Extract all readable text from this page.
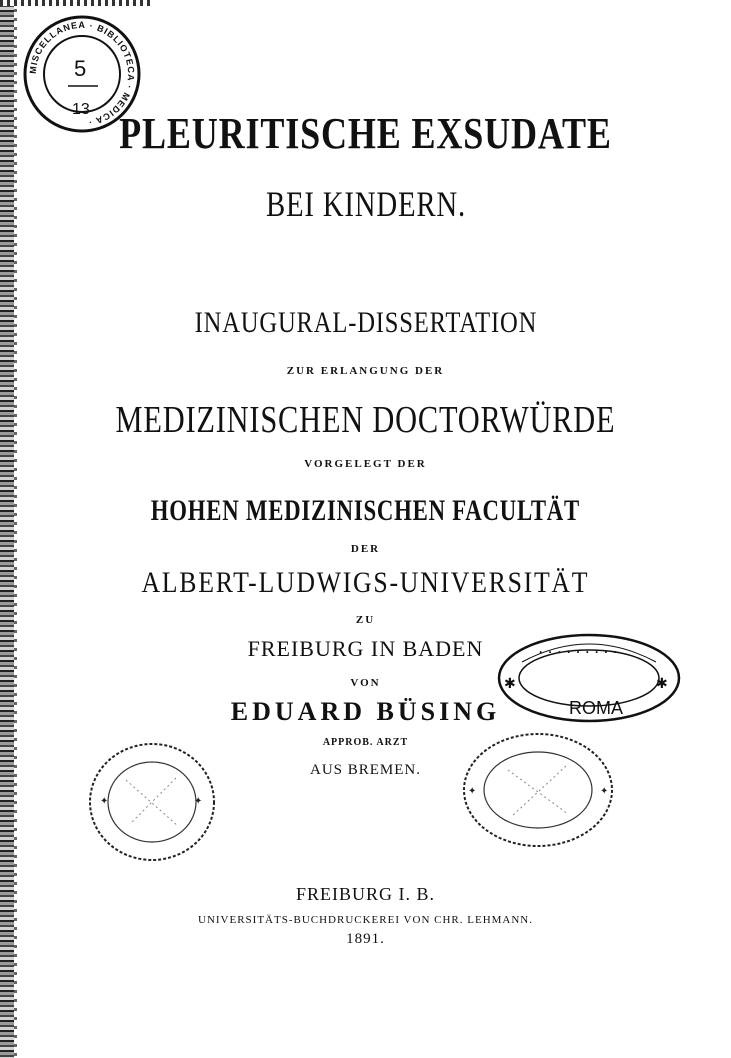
MISCELLANEA · BIBLIOTECA · MEDICA ·
5
13
· · · · · · · · ·
ROMA
✱	✱
✦	✦
✦	✦
PLEURITISCHE EXSUDATE
BEI KINDERN.
INAUGURAL-DISSERTATION
ZUR ERLANGUNG DER
MEDIZINISCHEN DOCTORWÜRDE
VORGELEGT DER
HOHEN MEDIZINISCHEN FACULTÄT
DER
ALBERT-LUDWIGS-UNIVERSITÄT
ZU
FREIBURG IN BADEN
VON
EDUARD BÜSING
APPROB. ARZT
AUS BREMEN.
FREIBURG I. B.
UNIVERSITÄTS-BUCHDRUCKEREI VON CHR. LEHMANN.
1891.
